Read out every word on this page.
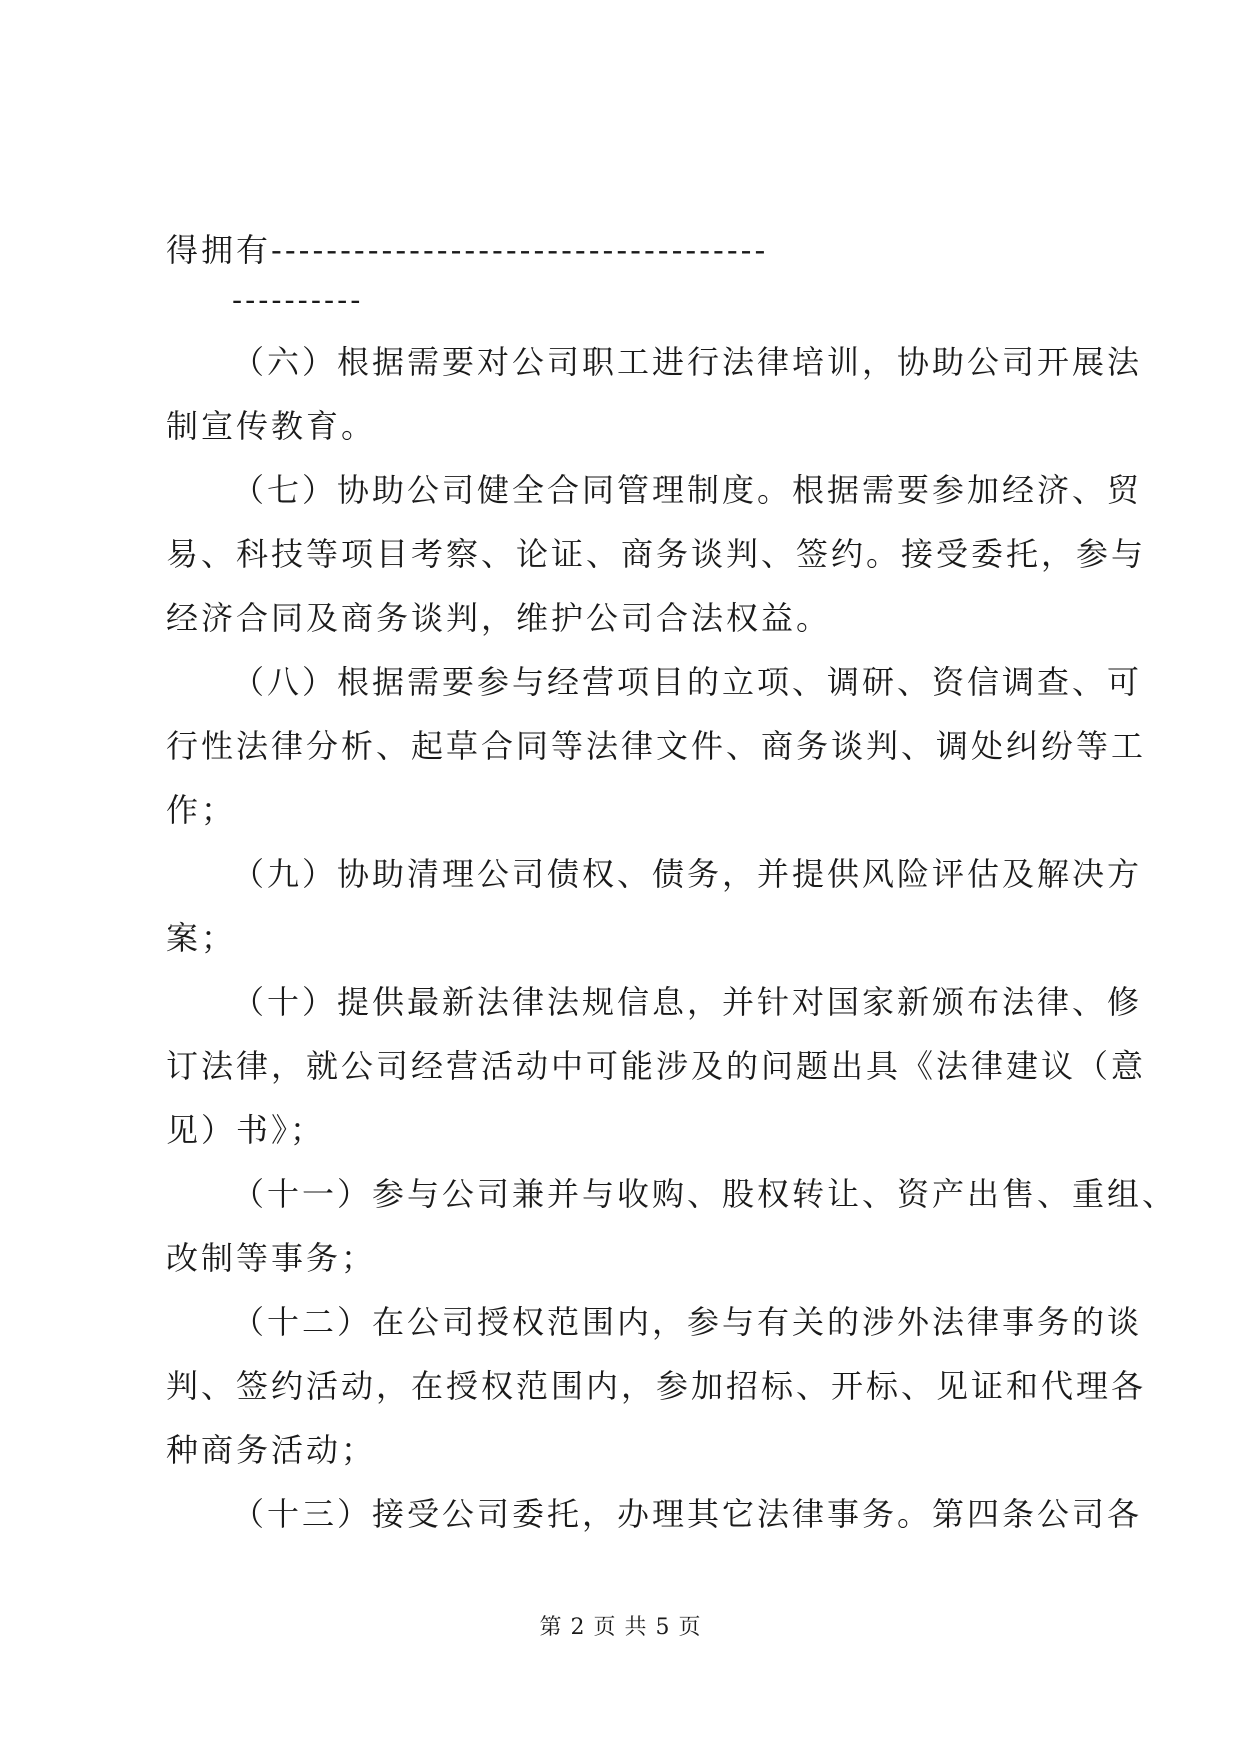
得拥有------------------------------------
----------
（六）根据需要对公司职工进行法律培训，协助公司开展法
制宣传教育。
（七）协助公司健全合同管理制度。根据需要参加经济、贸
易、科技等项目考察、论证、商务谈判、签约。接受委托，参与
经济合同及商务谈判，维护公司合法权益。
（八）根据需要参与经营项目的立项、调研、资信调查、可
行性法律分析、起草合同等法律文件、商务谈判、调处纠纷等工
作；
（九）协助清理公司债权、债务，并提供风险评估及解决方
案；
（十）提供最新法律法规信息，并针对国家新颁布法律、修
订法律，就公司经营活动中可能涉及的问题出具《法律建议（意
见）书》；
（十一）参与公司兼并与收购、股权转让、资产出售、重组、
改制等事务；
（十二）在公司授权范围内，参与有关的涉外法律事务的谈
判、签约活动，在授权范围内，参加招标、开标、见证和代理各
种商务活动；
（十三）接受公司委托，办理其它法律事务。第四条公司各
第 2 页 共 5 页
